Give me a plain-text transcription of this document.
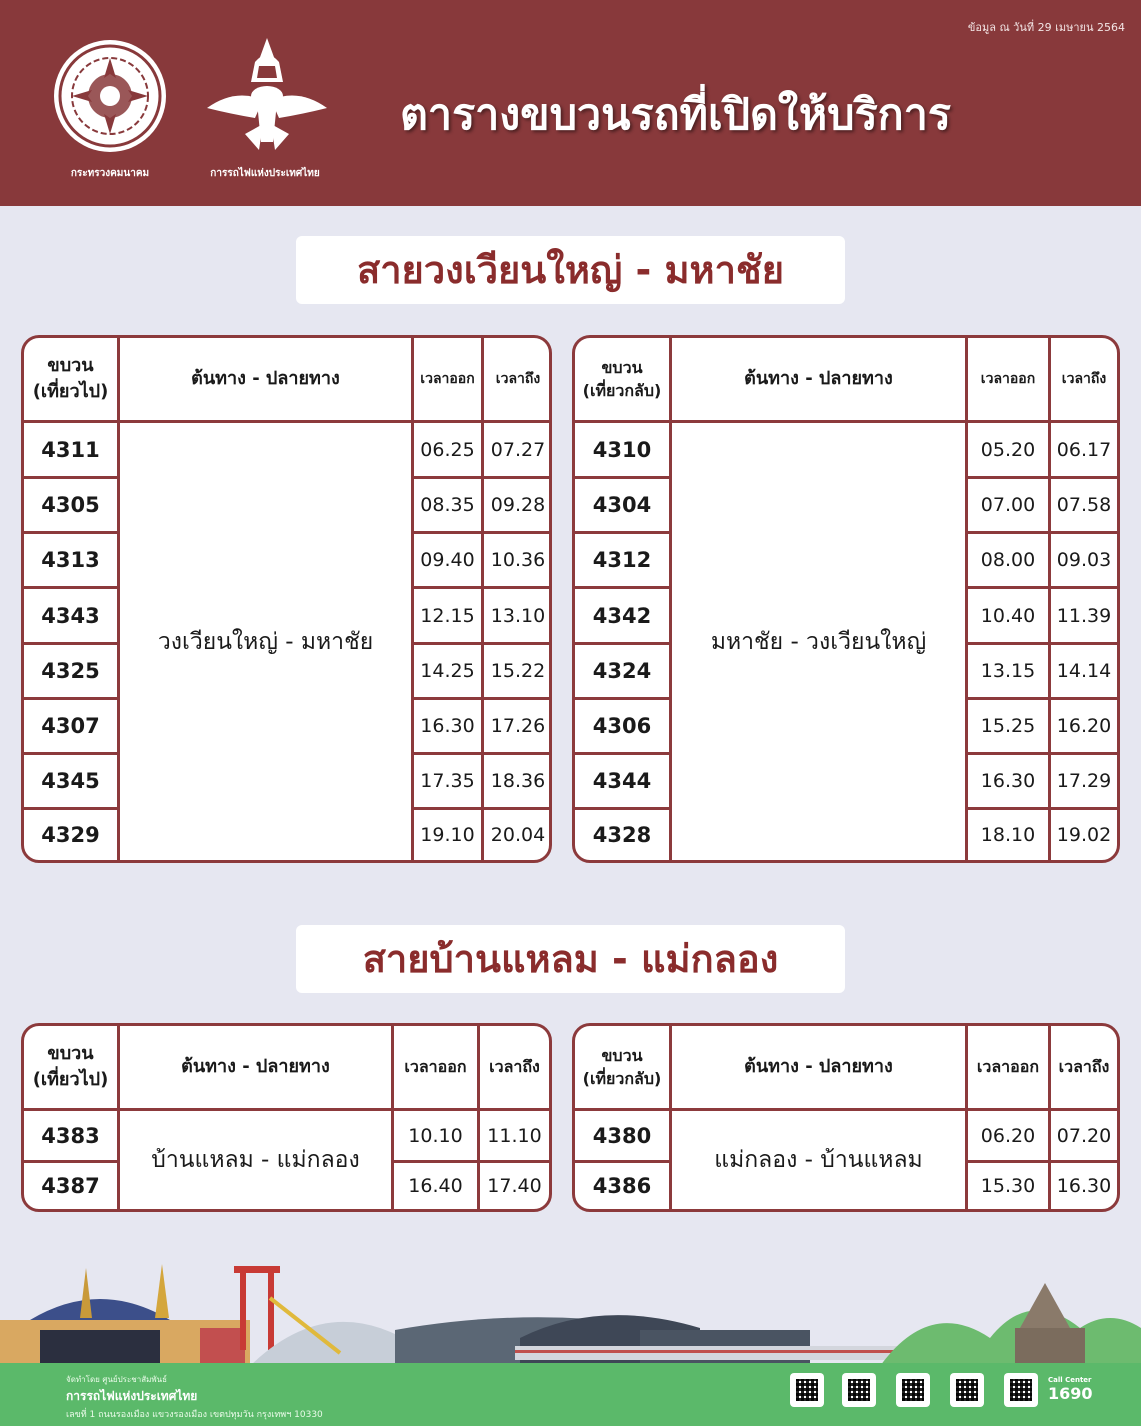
ข้อมูล ณ วันที่ 29 เมษายน 2564
กระทรวงคมนาคม	การรถไฟแห่งประเทศไทย
ตารางขบวนรถที่เปิดให้บริการ
สายวงเวียนใหญ่ - มหาชัย
ขบวน
(เที่ยวไป)
ต้นทาง - ปลายทาง	เวลาออก	เวลาถึง
วงเวียนใหญ่ - มหาชัย
4311	06.25 07.27
4305	08.35 09.28
4313	09.40 10.36
4343	12.15 13.10
4325	14.25 15.22
4307	16.30 17.26
4345	17.35 18.36
4329	19.10 20.04
ขบวน
(เที่ยวกลับ)
ต้นทาง - ปลายทาง	เวลาออก	เวลาถึง
มหาชัย - วงเวียนใหญ่
4310	05.20	06.17
4304	07.00	07.58
4312	08.00	09.03
4342	10.40	11.39
4324	13.15	14.14
4306	15.25	16.20
4344	16.30	17.29
4328	18.10	19.02
สายบ้านแหลม - แม่กลอง
ขบวน
(เที่ยวไป)
ต้นทาง - ปลายทาง	เวลาออก	เวลาถึง
บ้านแหลม - แม่กลอง
4383	10.10	11.10
4387	16.40	17.40
ขบวน
(เที่ยวกลับ)
ต้นทาง - ปลายทาง	เวลาออก	เวลาถึง
แม่กลอง - บ้านแหลม
4380	06.20	07.20
4386	15.30	16.30
จัดทำโดย ศูนย์ประชาสัมพันธ์
การรถไฟแห่งประเทศไทย
เลขที่ 1 ถนนรองเมือง แขวงรองเมือง เขตปทุมวัน กรุงเทพฯ 10330
Call Center
1690
